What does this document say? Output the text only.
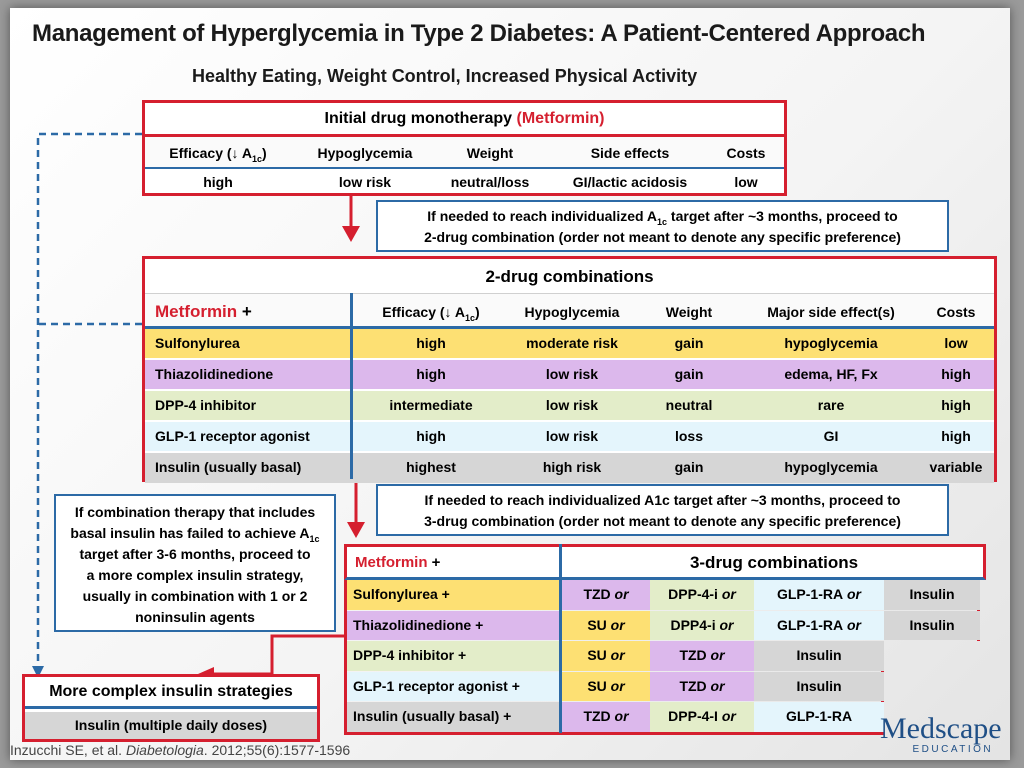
Management of Hyperglycemia in Type 2 Diabetes: A Patient-Centered Approach
Healthy Eating, Weight Control, Increased Physical Activity
Initial drug monotherapy (Metformin)
Efficacy (↓ $A_{1c}$)	Hypoglycemia	Weight	Side effects	Costs
high	low risk	neutral/loss	GI/lactic acidosis	low
If needed to reach individualized $A_{1c}$ target after ~3 months, proceed to
2-drug combination (order not meant to denote any specific preference)
2-drug combinations
Metformin +	Efficacy (↓ $A_{1c}$)	Hypoglycemia	Weight	Major side effect(s)	Costs
Sulfonylurea	high	moderate risk	gain	hypoglycemia	low
Thiazolidinedione	high	low risk	gain	edema, HF, Fx	high
DPP-4 inhibitor	intermediate	low risk	neutral	rare	high
GLP-1 receptor agonist	high	low risk	loss	GI	high
Insulin (usually basal)	highest	high risk	gain	hypoglycemia	variable
If needed to reach individualized A1c target after ~3 months, proceed to
3-drug combination (order not meant to denote any specific preference)
If combination therapy that includes
basal insulin has failed to achieve $A_{1c}$
target after 3-6 months, proceed to
a more complex insulin strategy,
usually in combination with 1 or 2
noninsulin agents
Metformin +	3-drug combinations
Sulfonylurea +	TZD or	DPP-4-i or	GLP-1-RA or	Insulin
Thiazolidinedione +	SU or	DPP4-i or	GLP-1-RA or	Insulin
DPP-4 inhibitor +	SU or	TZD or	Insulin
GLP-1 receptor agonist +	SU or	TZD or	Insulin
Insulin (usually basal) +	TZD or	DPP-4-I or	GLP-1-RA
More complex insulin strategies
Insulin (multiple daily doses)
Inzucchi SE, et al. Diabetologia. 2012;55(6):1577-1596
Medscape
EDUCATION
